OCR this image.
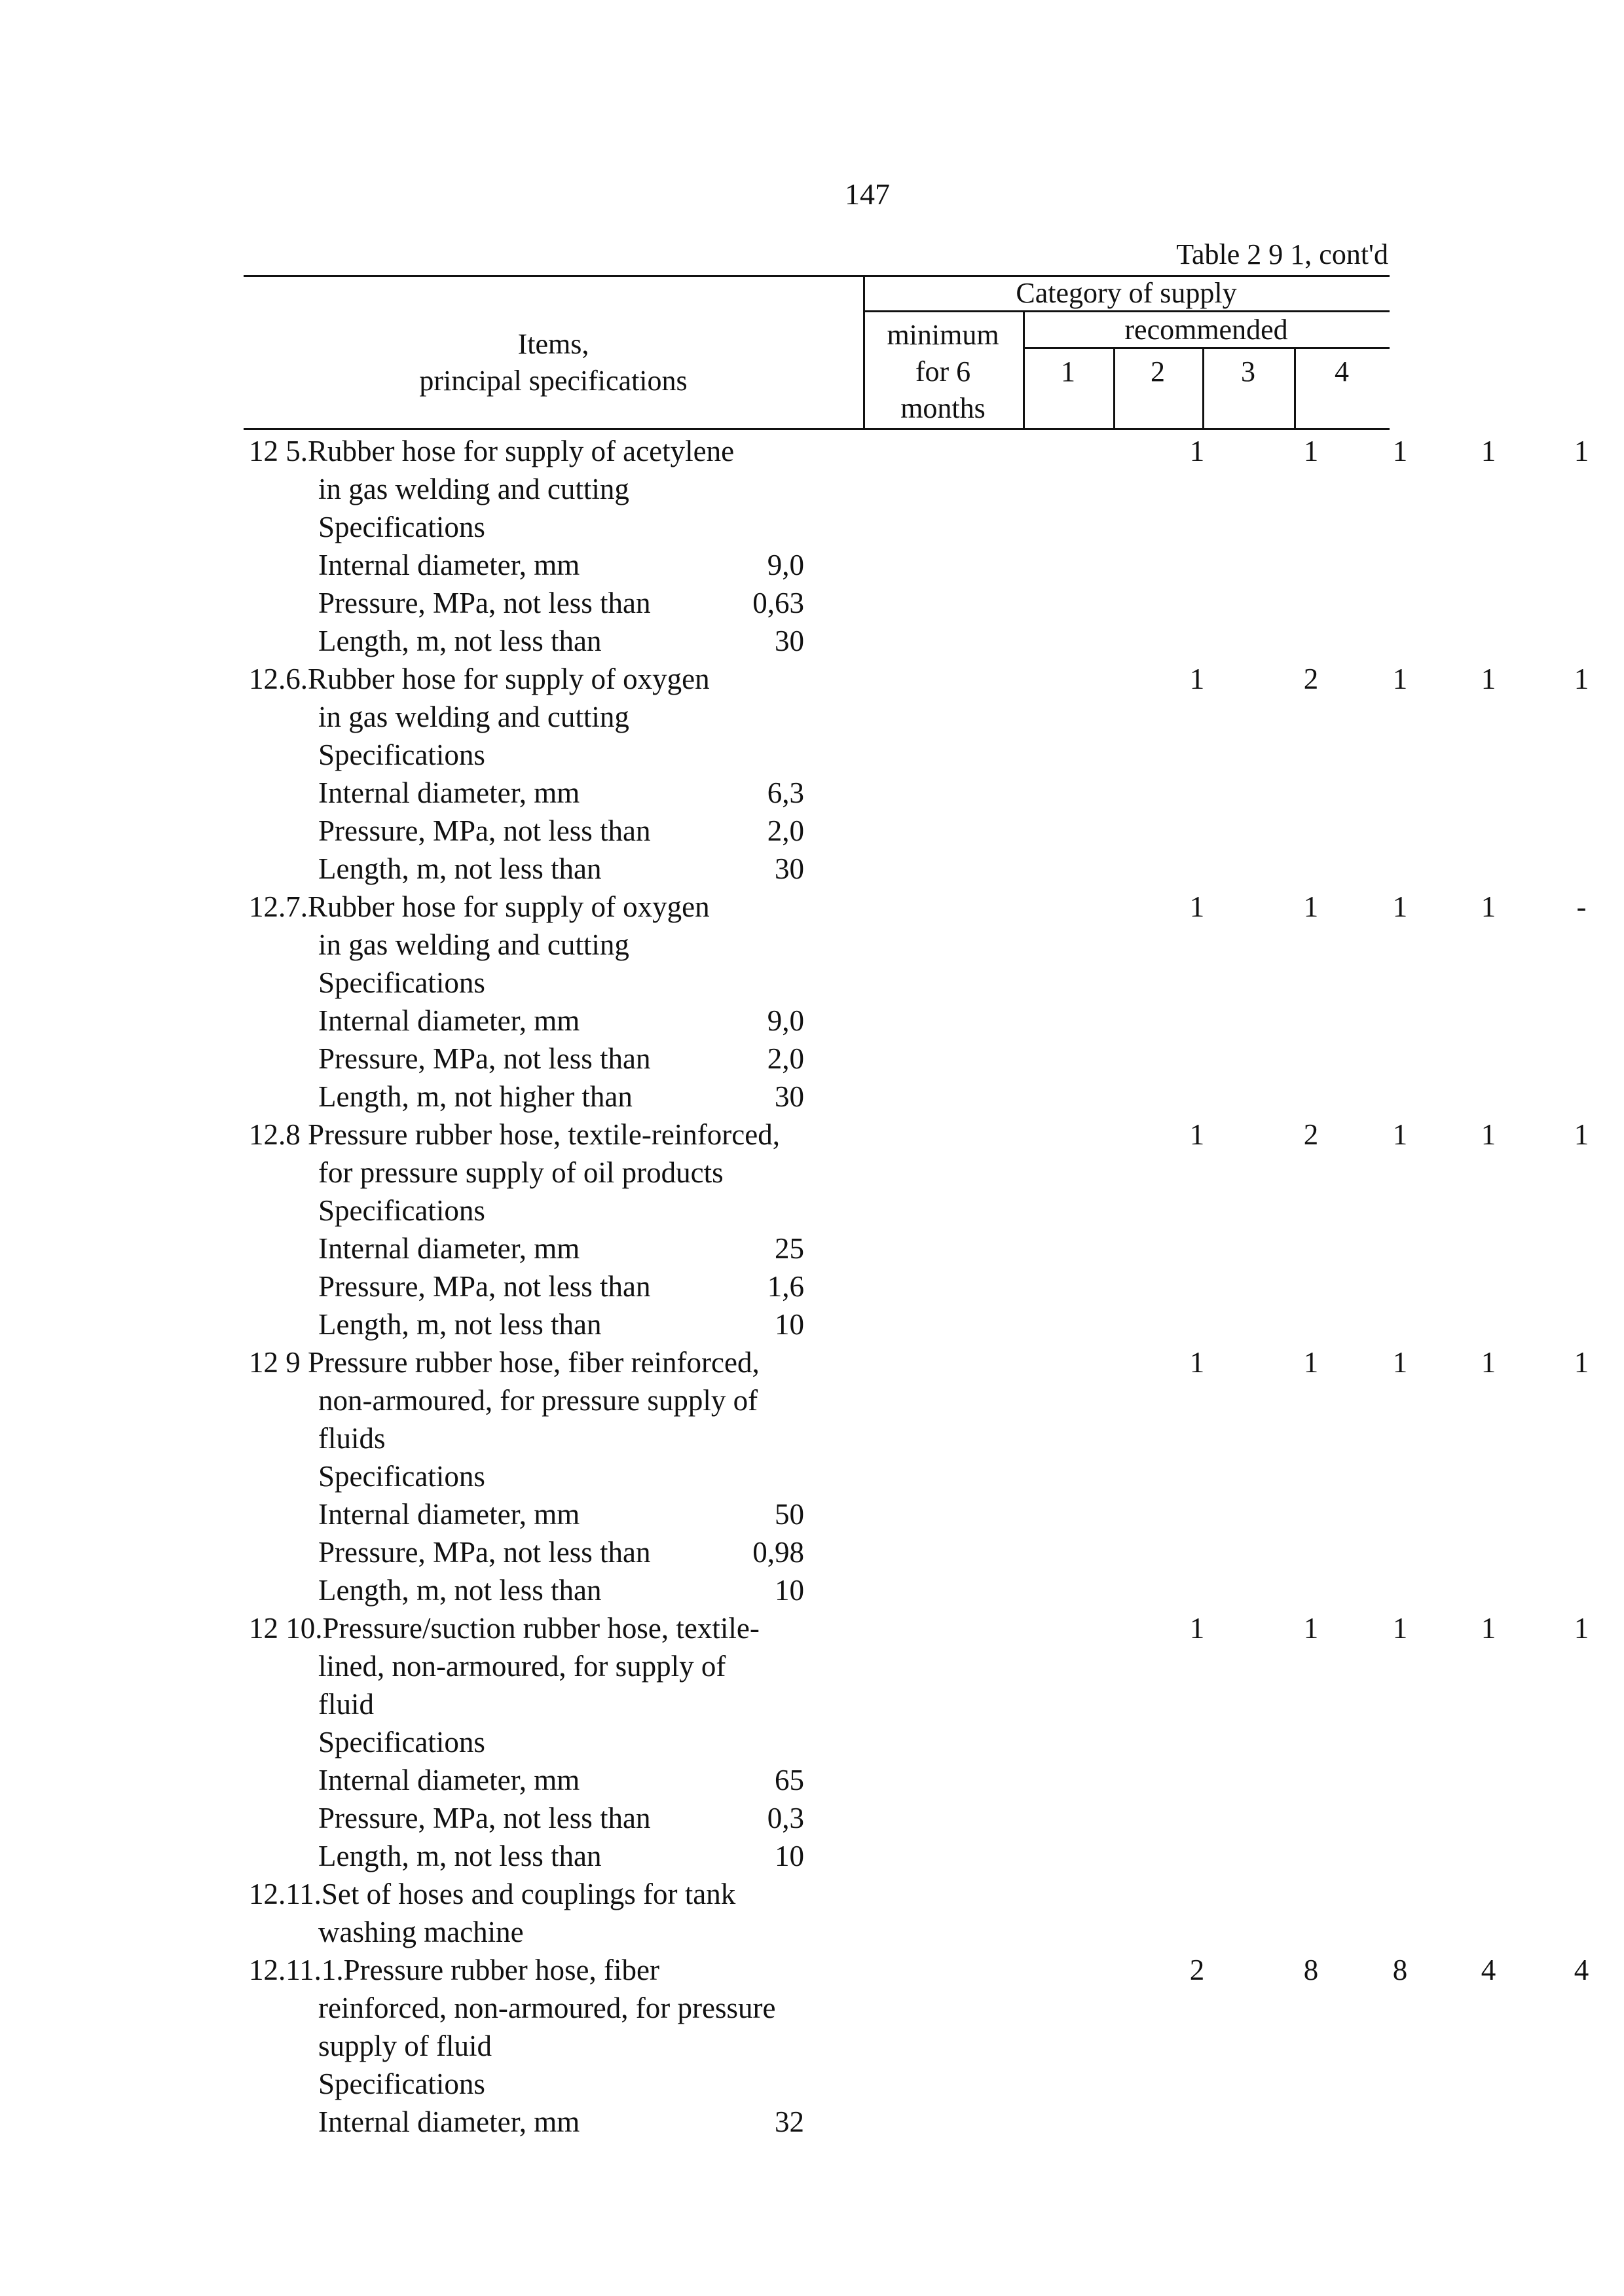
147
Table 2 9 1, cont'd
Items,
principal specifications
Category of supply
minimum
for 6
months
recommended
1	2	3	4
12 5.Rubber hose for supply of acetylene
in gas welding and cutting
Specifications
Internal diameter, mm	9,0
Pressure, MPa, not less than	0,63
Length, m, not less than	30
1	1	1	1	1
12.6.Rubber hose for supply of oxygen
in gas welding and cutting
Specifications
Internal diameter, mm	6,3
Pressure, MPa, not less than	2,0
Length, m, not less than	30
1	2	1	1	1
12.7.Rubber hose for supply of oxygen
in gas welding and cutting
Specifications
Internal diameter, mm	9,0
Pressure, MPa, not less than	2,0
Length, m, not higher than	30
1	1	1	1	-
12.8 Pressure rubber hose, textile-reinforced,
for pressure supply of oil products
Specifications
Internal diameter, mm	25
Pressure, MPa, not less than	1,6
Length, m, not less than	10
1	2	1	1	1
12 9 Pressure rubber hose, fiber reinforced,
non-armoured, for pressure supply of
fluids
Specifications
Internal diameter, mm	50
Pressure, MPa, not less than	0,98
Length, m, not less than	10
1	1	1	1	1
12 10.Pressure/suction rubber hose, textile-
lined, non-armoured, for supply of
fluid
Specifications
Internal diameter, mm	65
Pressure, MPa, not less than	0,3
Length, m, not less than	10
1	1	1	1	1
12.11.Set of hoses and couplings for tank
washing machine
12.11.1.Pressure rubber hose, fiber
reinforced, non-armoured, for pressure
supply of fluid
Specifications
Internal diameter, mm	32
2	8	8	4	4
